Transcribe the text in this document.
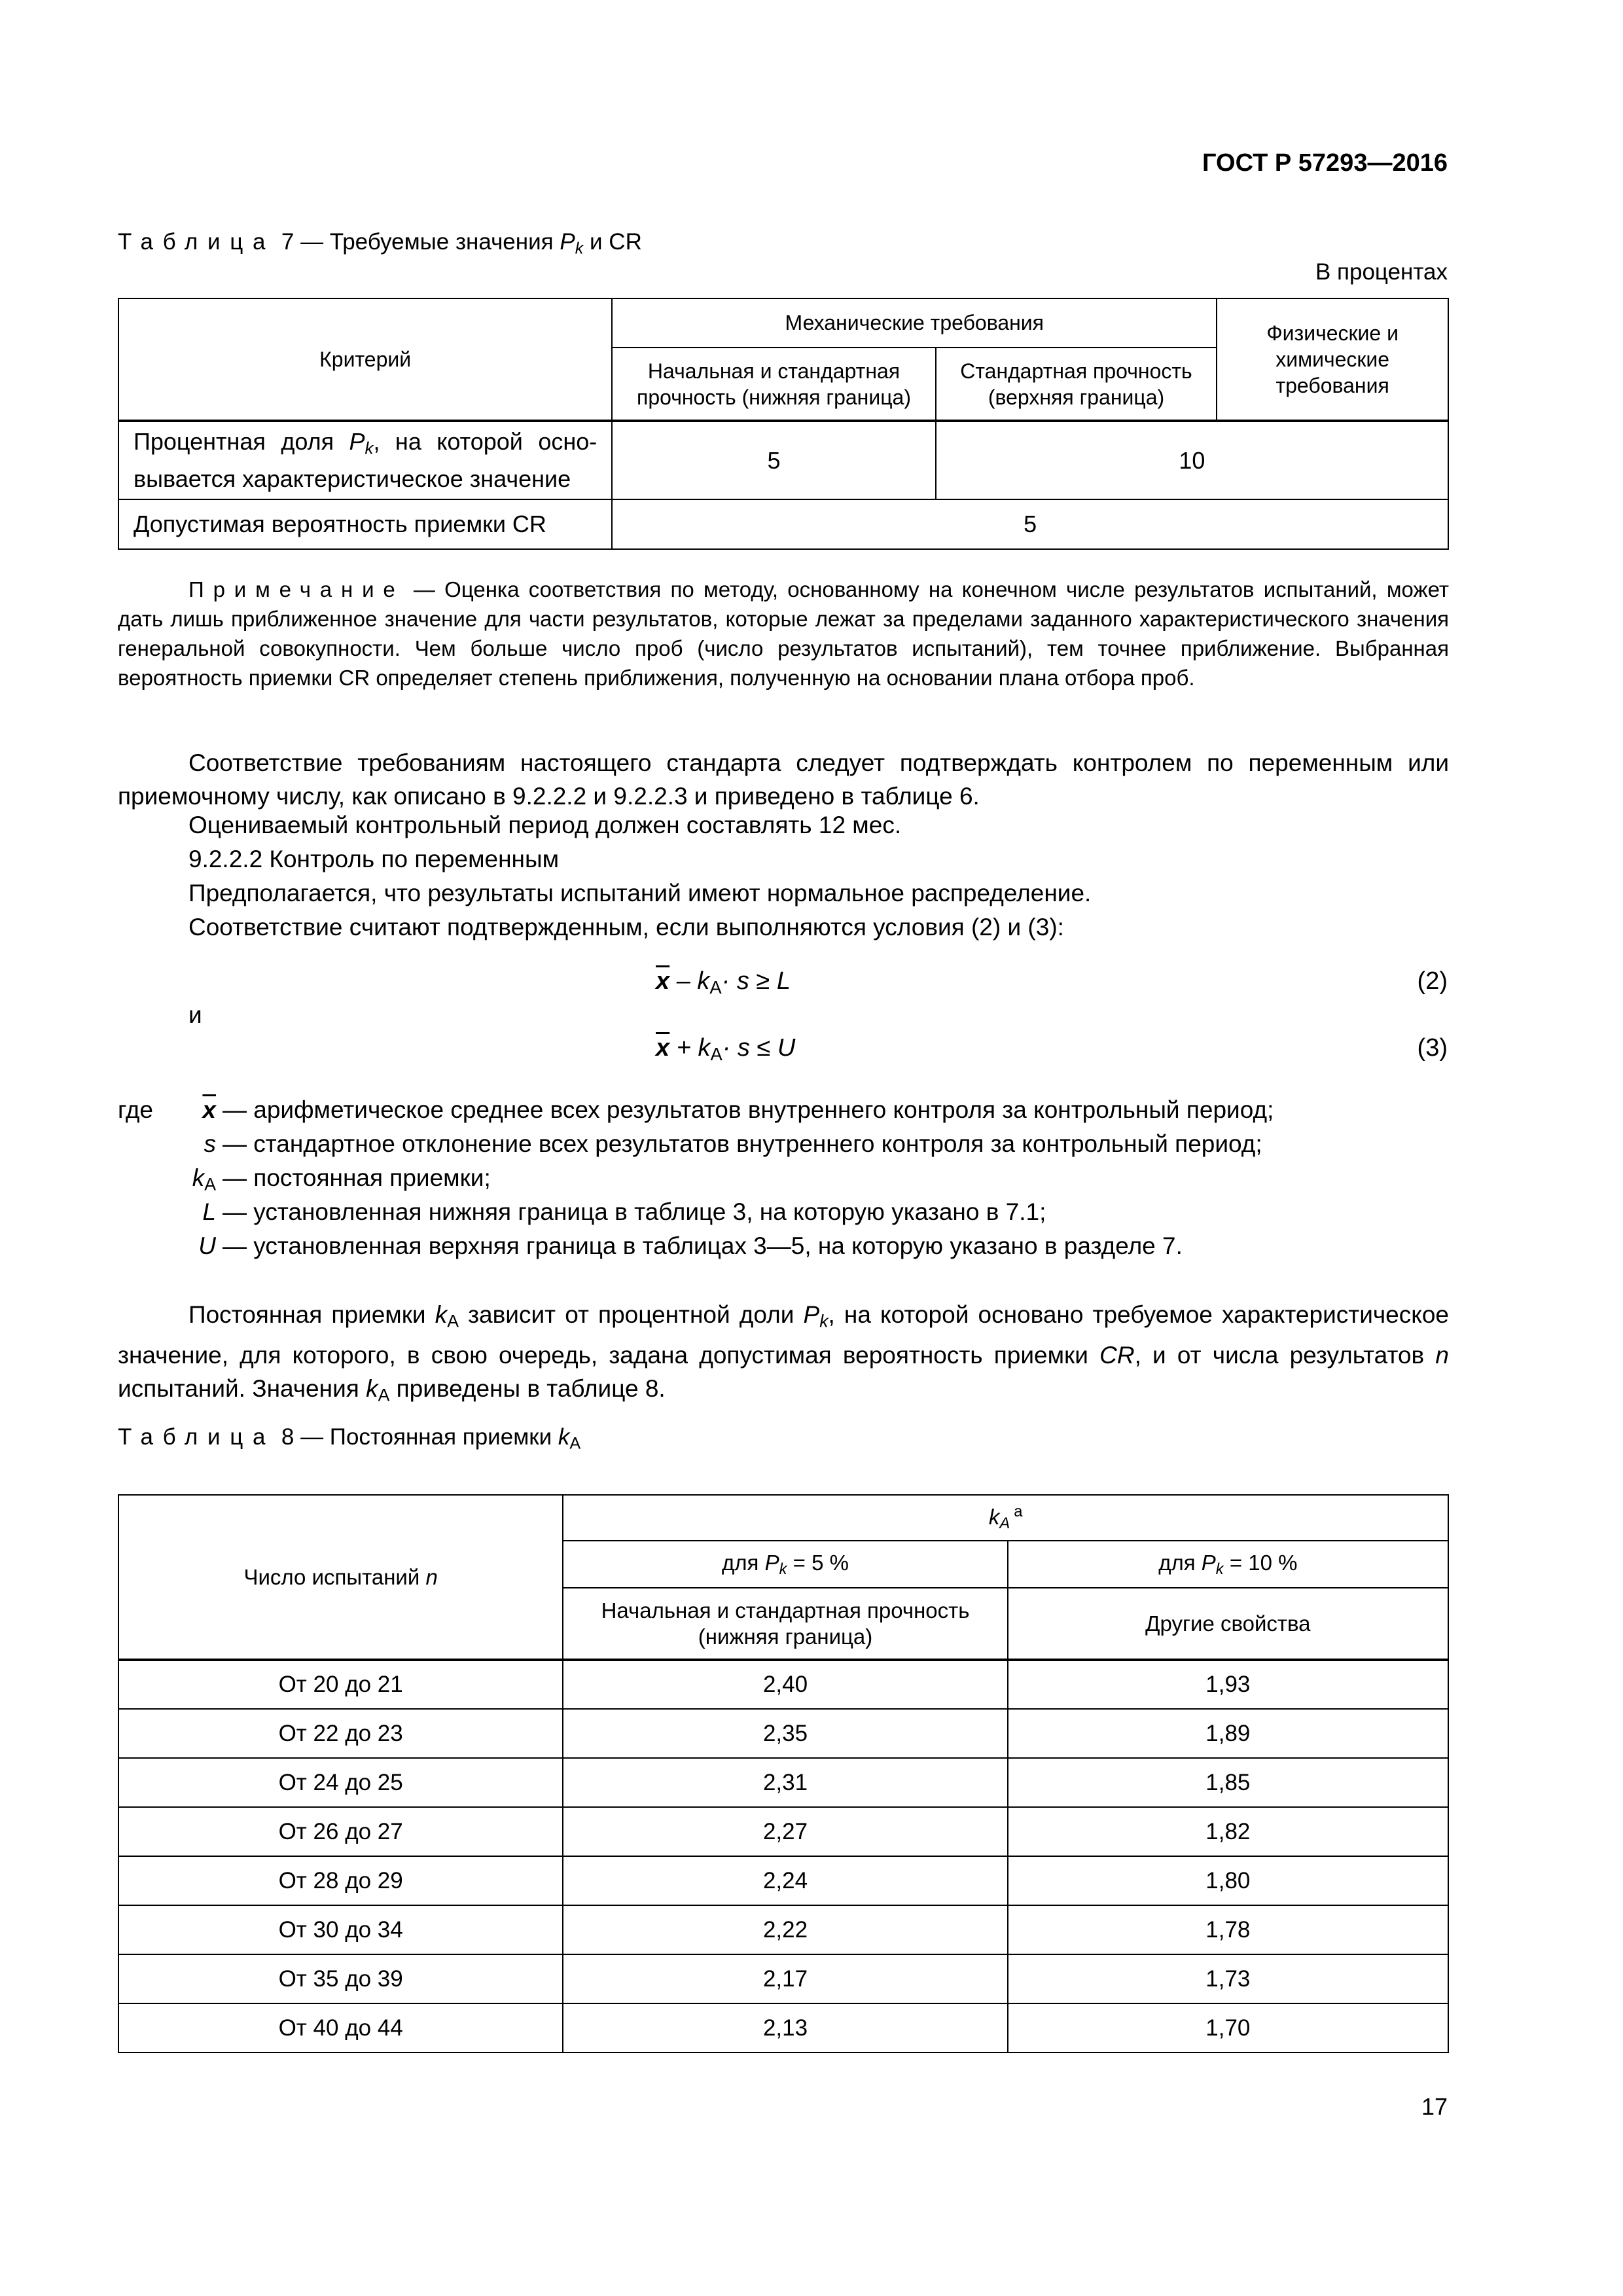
ГОСТ Р 57293—2016
Таблица 7 — Требуемые значения $P_k$ и CR
В процентах
Критерий	Механические требования		Физические и химические требования
	Начальная и стандартная прочность (нижняя граница)	Стандартная прочность (верхняя граница)	

Процентная доля $P_k$, на которой осно-
вывается характеристическое значение	5	10	
Допустимая вероятность приемки CR	5		
Примечание — Оценка соответствия по методу, основанному на конечном числе результатов испытаний, может дать лишь приближенное значение для части результатов, которые лежат за пределами заданного характеристического значения генеральной совокупности. Чем больше число проб (число результатов испытаний), тем точнее приближение. Выбранная вероятность приемки CR определяет степень приближения, полученную на основании плана отбора проб.
Соответствие требованиям настоящего стандарта следует подтверждать контролем по переменным или приемочному числу, как описано в 9.2.2.2 и 9.2.2.3 и приведено в таблице 6.
Оцениваемый контрольный период должен составлять 12 мес.
9.2.2.2 Контроль по переменным
Предполагается, что результаты испытаний имеют нормальное распределение.
Соответствие считают подтвержденным, если выполняются условия (2) и (3):
$\overline{x} - k_A\cdot s \ge L$	(2)
и
$\overline{x} + k_A\cdot s \le U$	(3)
где	$\overline{x}$ — арифметическое среднее всех результатов внутреннего контроля за контрольный период;
s — стандартное отклонение всех результатов внутреннего контроля за контрольный период;
$k_A$ — постоянная приемки;
L — установленная нижняя граница в таблице 3, на которую указано в 7.1;
U — установленная верхняя граница в таблицах 3—5, на которую указано в разделе 7.
Постоянная приемки $k_A$ зависит от процентной доли $P_k$, на которой основано требуемое характеристическое значение, для которого, в свою очередь, задана допустимая вероятность приемки CR, и от числа результатов n испытаний. Значения $k_A$ приведены в таблице 8.
Таблица 8 — Постоянная приемки $k_A$
Число испытаний n	$k_A^a$
	для $P_k = 5$ %	для $P_k = 10$ %
	Начальная и стандартная прочность (нижняя граница)	Другие свойства
От 20 до 21	2,40	1,93
От 22 до 23	2,35	1,89
От 24 до 25	2,31	1,85
От 26 до 27	2,27	1,82
От 28 до 29	2,24	1,80
От 30 до 34	2,22	1,78
От 35 до 39	2,17	1,73
От 40 до 44	2,13	1,70
17
